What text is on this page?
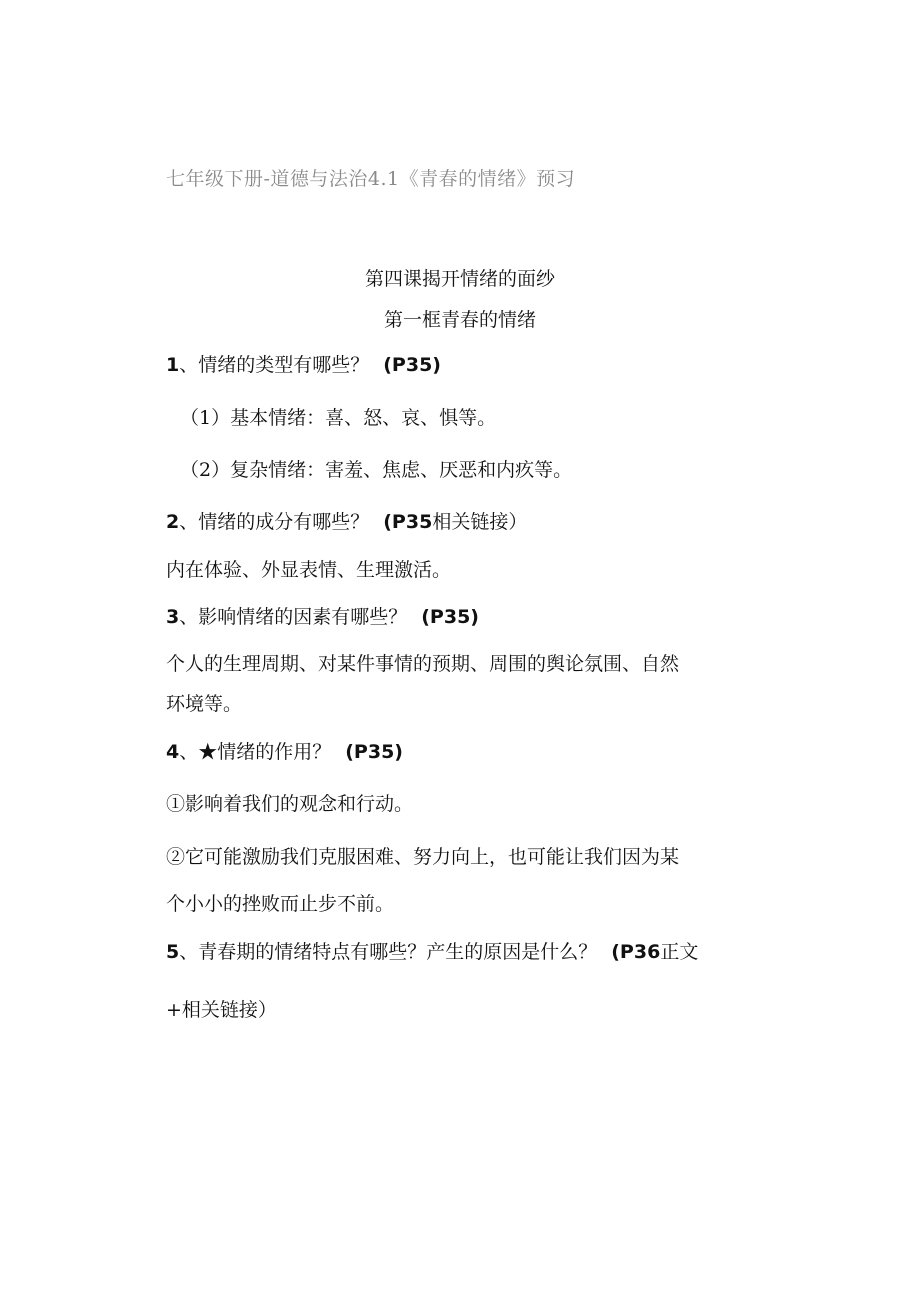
七年级下册-道德与法治4.1《青春的情绪》预习
第四课揭开情绪的面纱
第一框青春的情绪
1、情绪的类型有哪些？ (P35)
（1）基本情绪：喜、怒、哀、惧等。
（2）复杂情绪：害羞、焦虑、厌恶和内疚等。
2、情绪的成分有哪些？ (P35相关链接）
内在体验、外显表情、生理激活。
3、影响情绪的因素有哪些？ (P35)
个人的生理周期、对某件事情的预期、周围的舆论氛围、自然
环境等。
4、★情绪的作用？ (P35)
①影响着我们的观念和行动。
②它可能激励我们克服困难、努力向上，也可能让我们因为某
个小小的挫败而止步不前。
5、青春期的情绪特点有哪些？产生的原因是什么？ (P36正文
+相关链接）
